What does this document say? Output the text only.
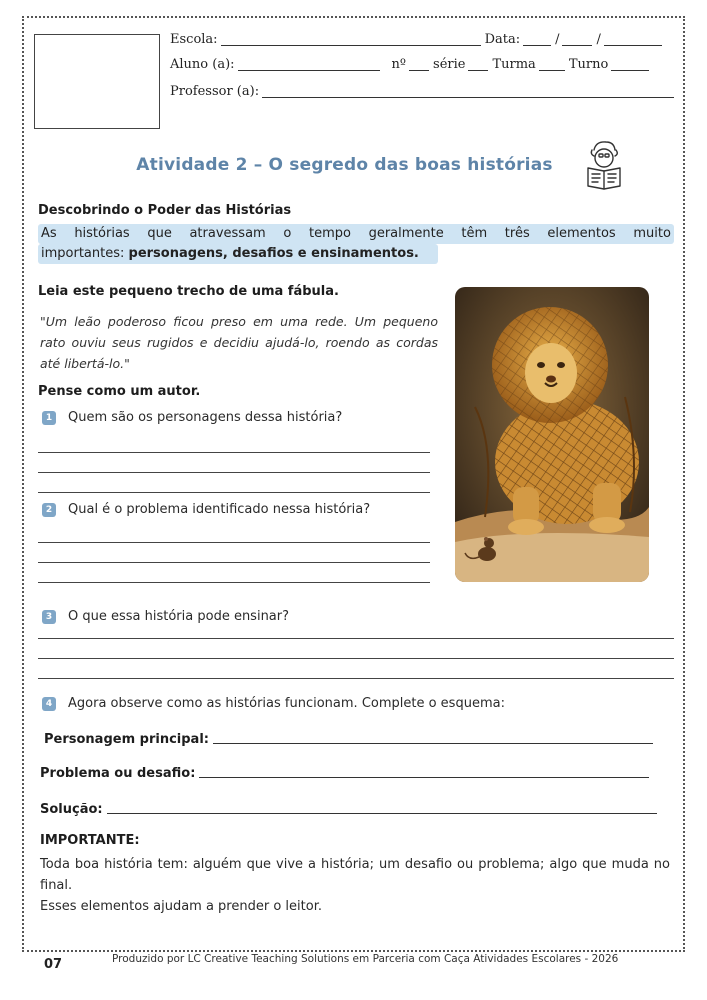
Escola:	Data:	/	/
Aluno (a):	nº série Turma	Turno
Professor (a):
Atividade 2 – O segredo das boas histórias
Descobrindo o Poder das Histórias
As histórias que atravessam o tempo geralmente têm três elementos muito
importantes: personagens, desafios e ensinamentos.
Leia este pequeno trecho de uma fábula.
"Um leão poderoso ficou preso em uma rede. Um pequeno rato ouviu seus rugidos e decidiu ajudá-lo, roendo as cordas até libertá-lo."
Pense como um autor.
1 Quem são os personagens dessa história?
2 Qual é o problema identificado nessa história?
3 O que essa história pode ensinar?
4 Agora observe como as histórias funcionam. Complete o esquema:
Personagem principal:
Problema ou desafio:
Solução:
IMPORTANTE:
Toda boa história tem: alguém que vive a história; um desafio ou problema; algo que muda no final.
Esses elementos ajudam a prender o leitor.
07	Produzido por LC Creative Teaching Solutions em Parceria com Caça Atividades Escolares - 2026
